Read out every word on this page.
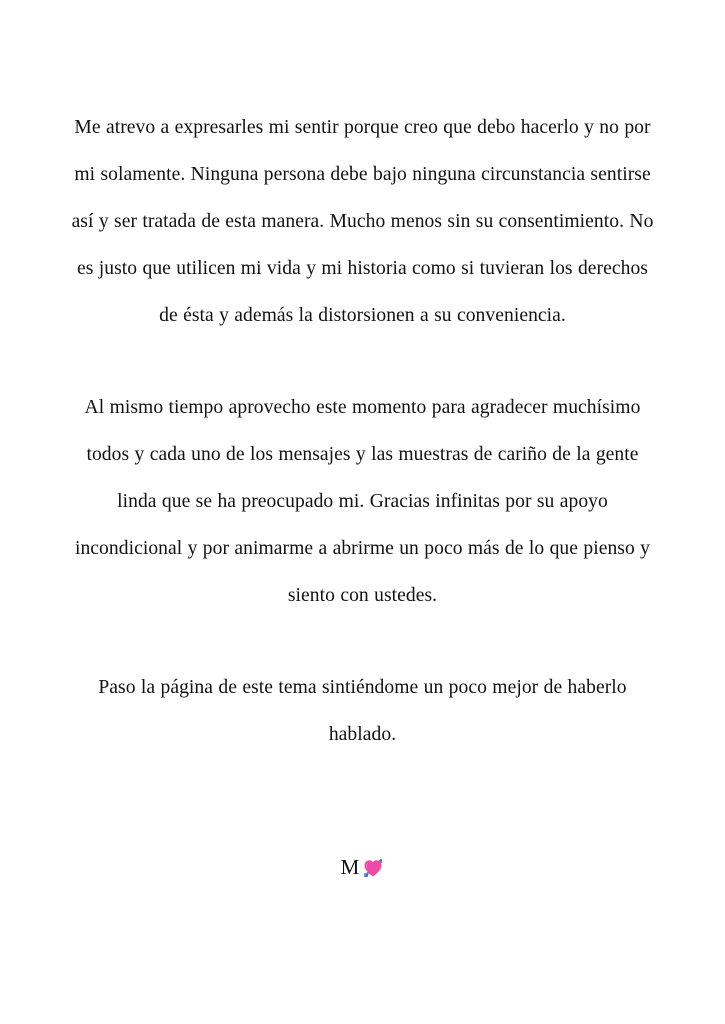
Me atrevo a expresarles mi sentir porque creo que debo hacerlo y no por mi solamente. Ninguna persona debe bajo ninguna circunstancia sentirse así y ser tratada de esta manera. Mucho menos sin su consentimiento. No es justo que utilicen mi vida y mi historia como si tuvieran los derechos de ésta y además la distorsionen a su conveniencia.

Al mismo tiempo aprovecho este momento para agradecer muchísimo todos y cada uno de los mensajes y las muestras de cariño de la gente linda que se ha preocupado mi. Gracias infinitas por su apoyo incondicional y por animarme a abrirme un poco más de lo que pienso y siento con ustedes.

Paso la página de este tema sintiéndome un poco mejor de haberlo hablado.

M
